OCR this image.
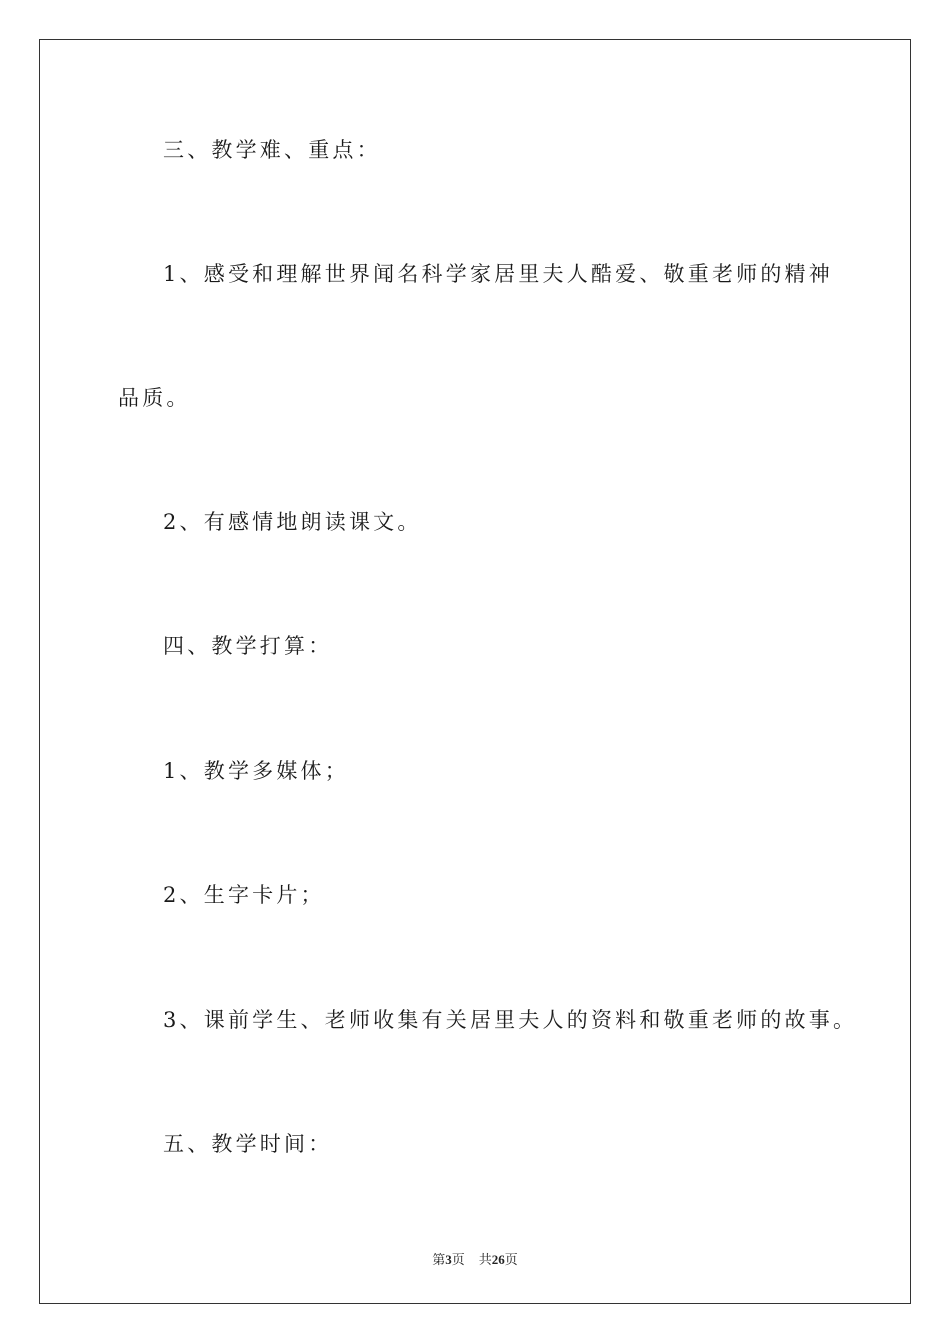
三、教学难、重点：
1、感受和理解世界闻名科学家居里夫人酷爱、敬重老师的精神
品质。
2、有感情地朗读课文。
四、教学打算：
1、教学多媒体；
2、生字卡片；
3、课前学生、老师收集有关居里夫人的资料和敬重老师的故事。
五、教学时间：
第3页 共26页
